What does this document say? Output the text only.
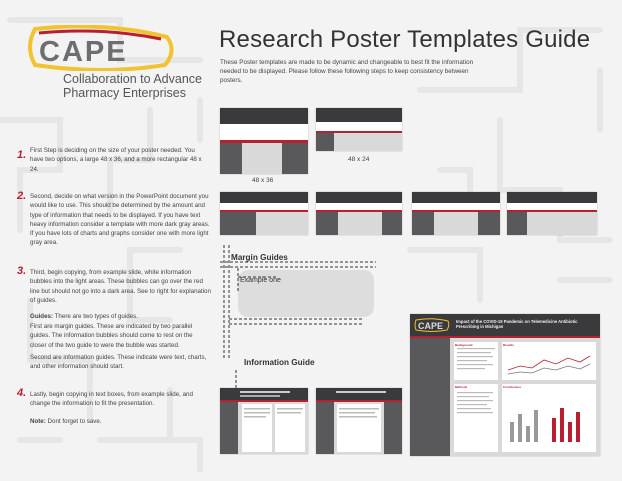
CAPE
Collaboration to Advance
Pharmacy Enterprises
Research Poster Templates Guide
These Poster templates are made to be dynamic and changeable to best fit the information needed to be displayed. Please follow these following steps to keep consistency between posters.
1. First Step is deciding on the size of your poster needed. You have two options, a large 48 x 36, and a more rectangular 48 x 24.
2. Second, decide on what version in the PowerPoint document you would like to use. This should be determined by the amount and type of information that needs to be displayed. If you have text heavy information consider a template with more dark gray areas. If you have lots of charts and graphs consider one with more light gray area.
3. Third, begin copying, from example slide, white information bubbles into the light areas. These bubbles can go over the red line but should not go into a dark area. See to right for explanation of guides.
Guides: There are two types of guides.
First are margin guides. These are indicated by two parallel guides. The information bubbles should come to rest on the closer of the two guide to were the bubble was started.
Second are information guides. These indicate were text, charts, and other information should start.
4. Lastly, begin copying in text boxes, from example slide, and change the information to fit the presentation.
Note: Dont forget to save.
48 x 36
48 x 24
Margin Guides
Example one
Information Guide
CAPE	Impact of the COVID-19 Pandemic on Telemedicine Antibiotic Prescribing in Michigan
Background	Results
Methods	Conclusions
